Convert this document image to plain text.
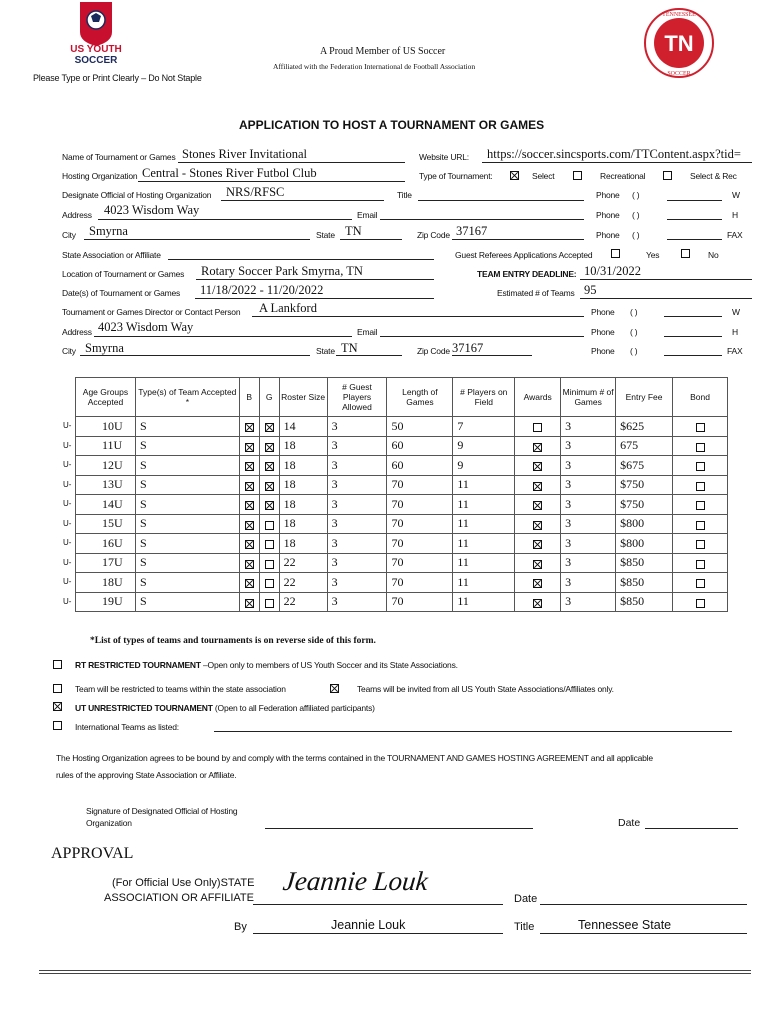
US YOUTH
SOCCER
A Proud Member of US Soccer
Affiliated with the Federation International de Football Association
Please Type or Print Clearly – Do Not Staple
TN
TENNESSEE
SOCCER
APPLICATION TO HOST A TOURNAMENT OR GAMES
Name of Tournament or Games Stones River Invitational	Website URL: https://soccer.sincsports.com/TTContent.aspx?tid=
Hosting Organization Central - Stones River Futbol Club	Type of Tournament:	Select	Recreational	Select & Rec
Designate Official of Hosting Organization NRS/RFSC	Title	Phone ( )	W
Address 4023 Wisdom Way	Email	Phone ( )	H
City Smyrna	State TN	Zip Code 37167	Phone ( )	FAX
State Association or Affiliate	Guest Referees Applications Accepted	Yes	No
Location of Tournament or Games Rotary Soccer Park Smyrna, TN	TEAM ENTRY DEADLINE: 10/31/2022
Date(s) of Tournament or Games 11/18/2022 - 11/20/2022	Estimated # of Teams 95
Tournament or Games Director or Contact Person A Lankford	Phone ( )	W
Address 4023 Wisdom Way	Email	Phone ( )	H
City Smyrna	State TN	Zip Code 37167	Phone ( )	FAX
Age Groups Accepted	Type(s) of Team Accepted *	B	G	Roster Size	# Guest Players Allowed	Length of Games	# Players on Field	Awards	Minimum # of Games	Entry Fee	Bond

U- 10U	S			14	3	50	7		3	$625	

U- 11U	S			18	3	60	9		3	675	

U- 12U	S			18	3	60	9		3	$675	

U- 13U	S			18	3	70	11		3	$750	

U- 14U	S			18	3	70	11		3	$750	

U- 15U	S			18	3	70	11		3	$800	

U- 16U	S			18	3	70	11		3	$800	

U- 17U	S			22	3	70	11		3	$850	

U- 18U	S			22	3	70	11		3	$850	

U- 19U	S			22	3	70	11		3	$850	
*List of types of teams and tournaments is on reverse side of this form.
RT RESTRICTED TOURNAMENT –Open only to members of US Youth Soccer and its State Associations.
Team will be restricted to teams within the state association	Teams will be invited from all US Youth State Associations/Affiliates only.
UT UNRESTRICTED TOURNAMENT (Open to all Federation affiliated participants)
International Teams as listed:
The Hosting Organization agrees to be bound by and comply with the terms contained in the TOURNAMENT AND GAMES HOSTING AGREEMENT and all applicable
rules of the approving State Association or Affiliate.
Signature of Designated Official of Hosting
Organization	Date
APPROVAL
(For Official Use Only)STATE
ASSOCIATION OR AFFILIATE
Jeannie Louk
Date
By	Jeannie Louk	Title	Tennessee State
